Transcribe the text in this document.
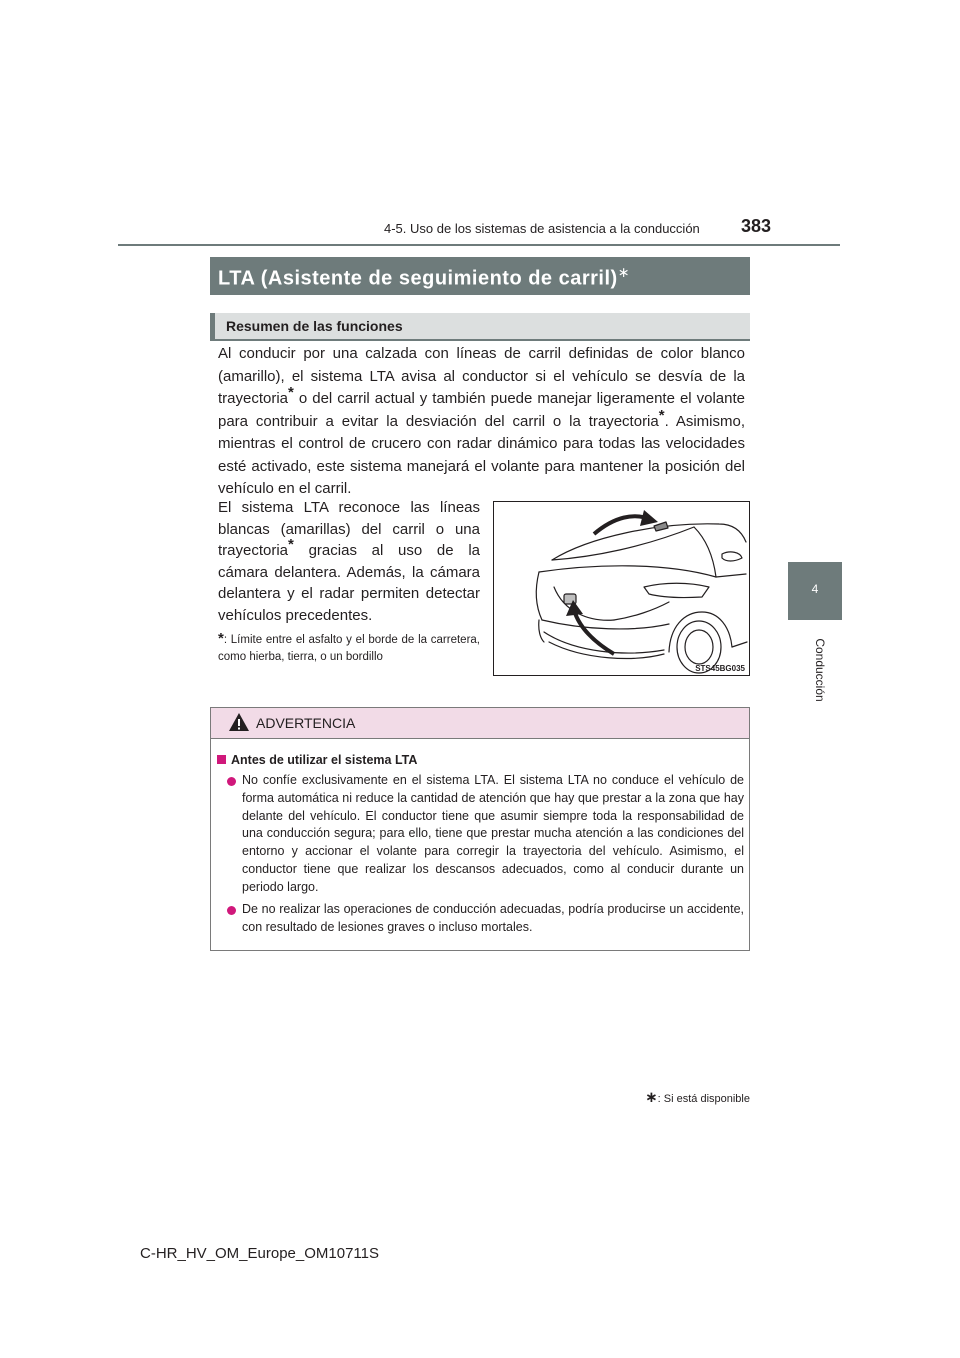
4-5. Uso de los sistemas de asistencia a la conducción 383
4
Conducción
LTA (Asistente de seguimiento de carril)∗
Resumen de las funciones
Al conducir por una calzada con líneas de carril definidas de color blanco (amarillo), el sistema LTA avisa al conductor si el vehículo se desvía de la trayectoria* o del carril actual y también puede manejar ligeramente el volante para contribuir a evitar la desviación del carril o la trayectoria*. Asimismo, mientras el control de crucero con radar dinámico para todas las velocidades esté activado, este sistema manejará el volante para mantener la posición del vehículo en el carril.
El sistema LTA reconoce las líneas blancas (amarillas) del carril o una trayectoria* gracias al uso de la cámara delantera. Además, la cámara delantera y el radar permiten detectar vehículos precedentes.
*: Límite entre el asfalto y el borde de la carretera, como hierba, tierra, o un bordillo
STS45BG035
ADVERTENCIA
Antes de utilizar el sistema LTA
No confíe exclusivamente en el sistema LTA. El sistema LTA no conduce el vehículo de forma automática ni reduce la cantidad de atención que hay que prestar a la zona que hay delante del vehículo. El conductor tiene que asumir siempre toda la responsabilidad de una conducción segura; para ello, tiene que prestar mucha atención a las condiciones del entorno y accionar el volante para corregir la trayectoria del vehículo. Asimismo, el conductor tiene que realizar los descansos adecuados, como al conducir durante un periodo largo.
De no realizar las operaciones de conducción adecuadas, podría producirse un accidente, con resultado de lesiones graves o incluso mortales.
∗: Si está disponible
C-HR_HV_OM_Europe_OM10711S
